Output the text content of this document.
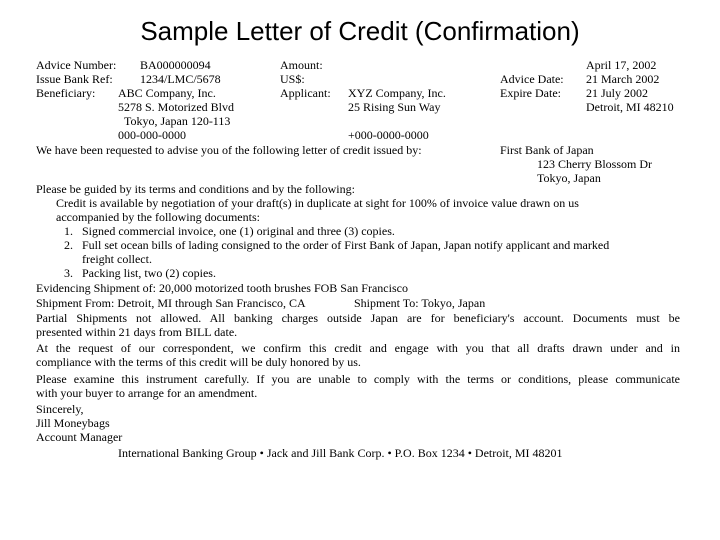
Sample Letter of Credit (Confirmation)
Advice Number: BA000000094
Issue Bank Ref: 1234/LMC/5678
Beneficiary: ABC Company, Inc.
5278 S. Motorized Blvd
Tokyo, Japan 120-113
000-000-0000
Amount:
US$:
Applicant: XYZ Company, Inc.
25 Rising Sun Way
+000-0000-0000
April 17, 2002
Advice Date: 21 March 2002
Expire Date: 21 July 2002
Detroit, MI 48210
We have been requested to advise you of the following letter of credit issued by:	First Bank of Japan
123 Cherry Blossom Dr
Tokyo, Japan
Please be guided by its terms and conditions and by the following:
Credit is available by negotiation of your draft(s) in duplicate at sight for 100% of invoice value drawn on us
accompanied by the following documents:
1. Signed commercial invoice, one (1) original and three (3) copies.
2. Full set ocean bills of lading consigned to the order of First Bank of Japan, Japan notify applicant and marked
freight collect.
3. Packing list, two (2) copies.
Evidencing Shipment of: 20,000 motorized tooth brushes FOB San Francisco
Shipment From: Detroit, MI through San Francisco, CA	Shipment To: Tokyo, Japan
Partial Shipments not allowed. All banking charges outside Japan are for beneficiary's account. Documents must be
presented within 21 days from BILL date.
At the request of our correspondent, we confirm this credit and engage with you that all drafts drawn under and in
compliance with the terms of this credit will be duly honored by us.
Please examine this instrument carefully. If you are unable to comply with the terms or conditions, please communicate
with your buyer to arrange for an amendment.
Sincerely,
Jill Moneybags
Account Manager
International Banking Group • Jack and Jill Bank Corp. • P.O. Box 1234 • Detroit, MI 48201
